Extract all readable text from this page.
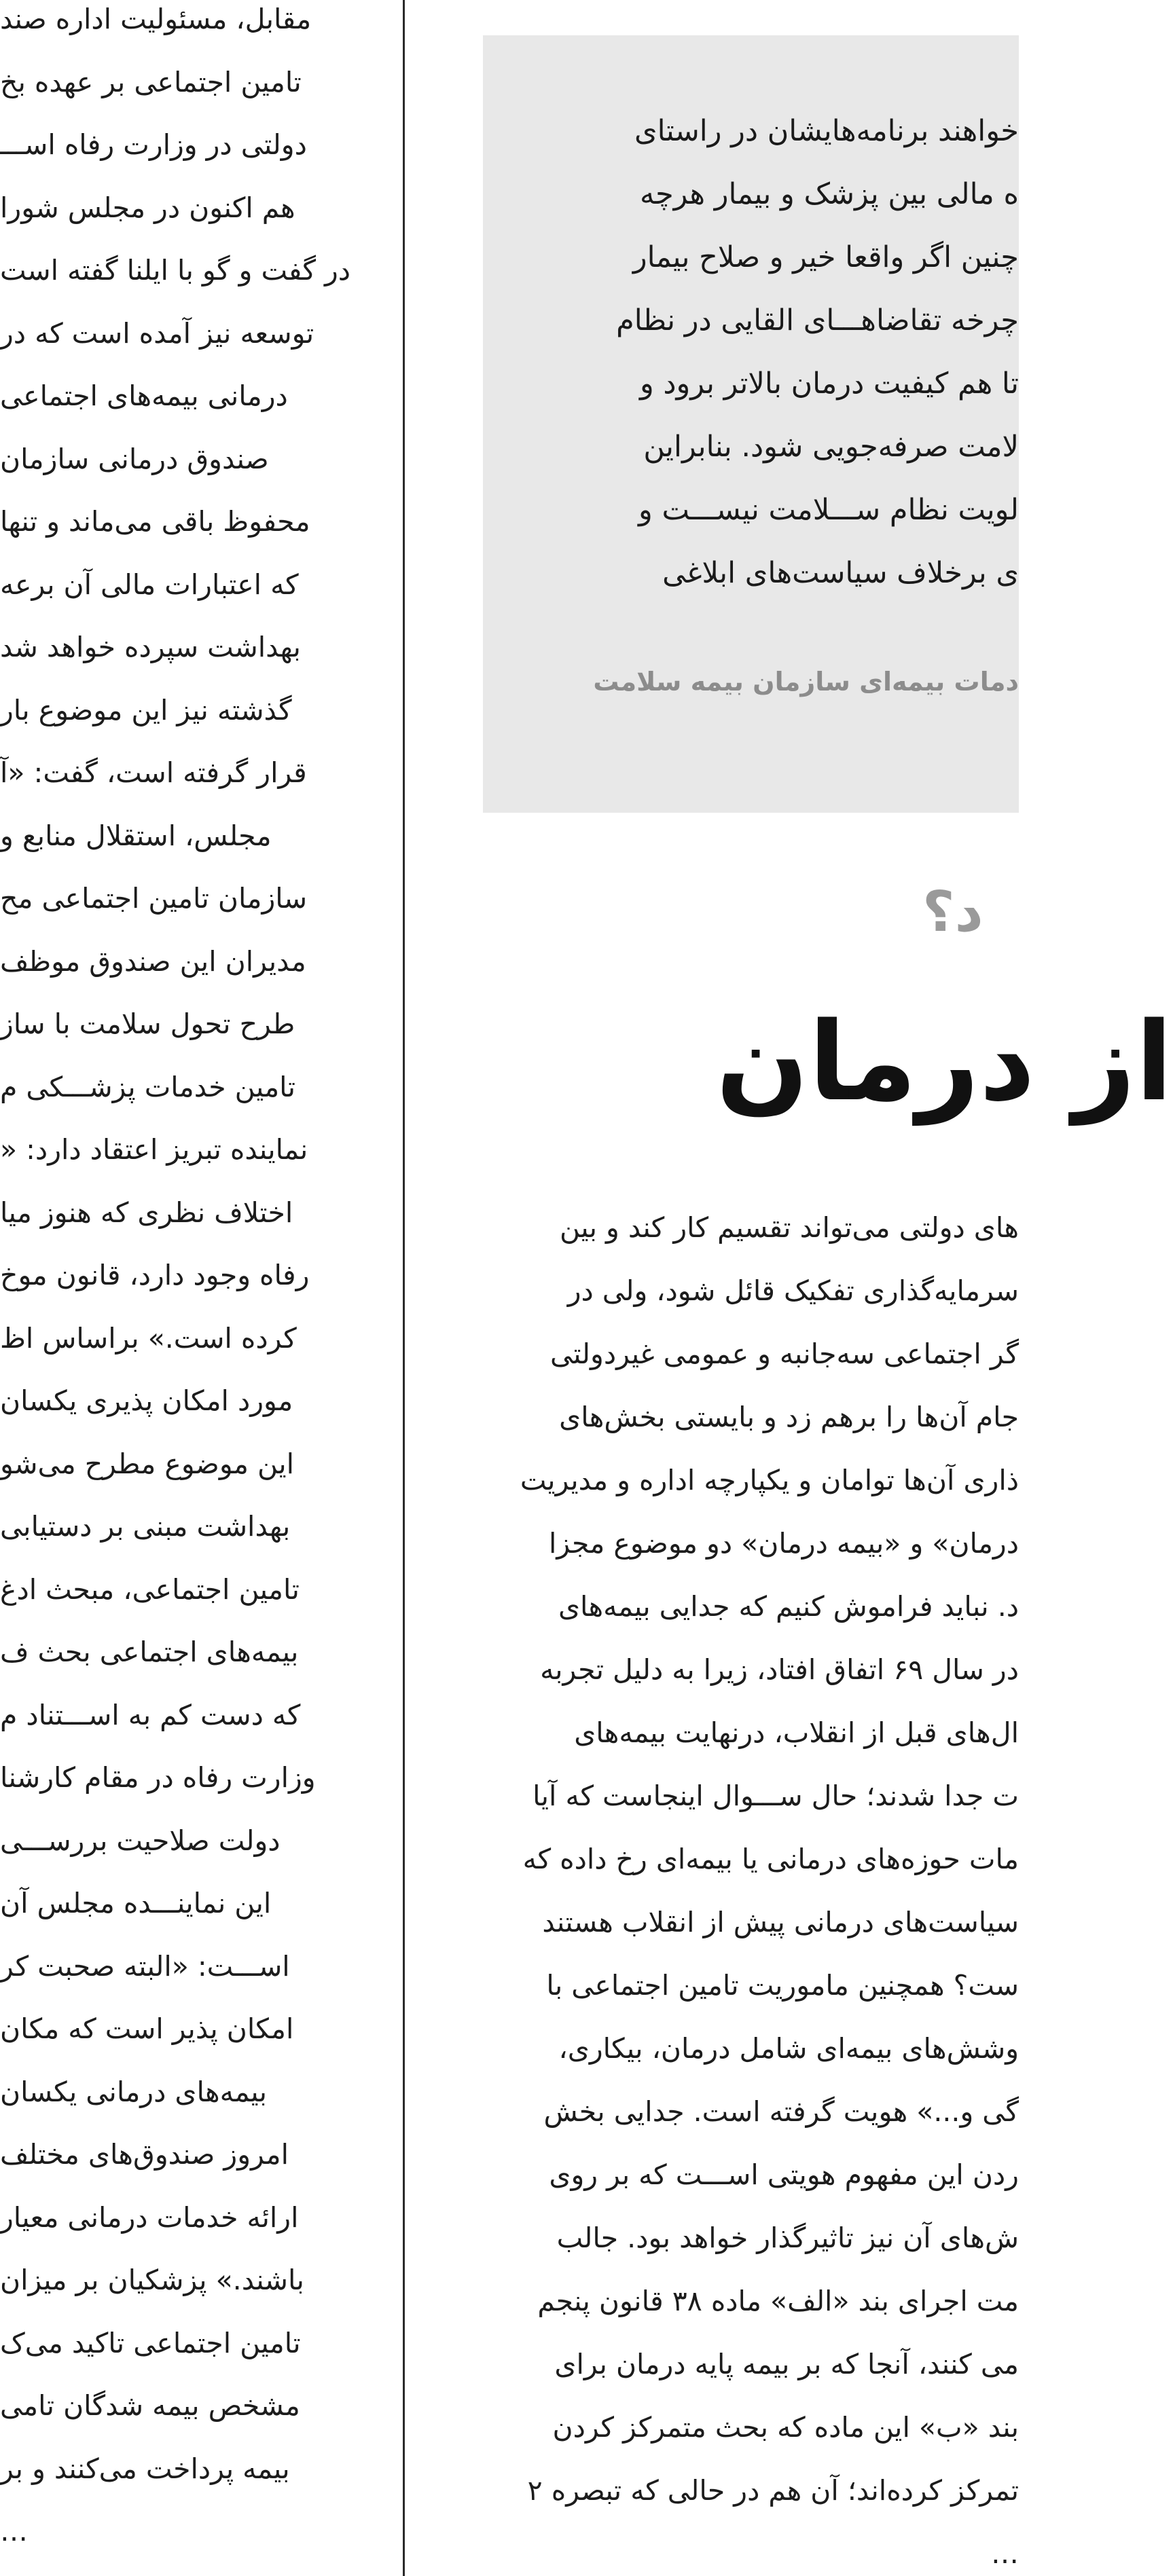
مقابل، مسئولیت اداره صند
تامین اجتماعی بر عهده بخ
دولتی در وزارت رفاه اســـ
هم اکنون در مجلس شورا
در گفت و گو با ایلنا گفته است
توسعه نیز آمده است که در
درمانی بیمه‌های اجتماعی
صندوق درمانی سازمان
محفوظ باقی می‌ماند و تنها
که اعتبارات مالی آن برعه
بهداشت سپرده خواهد شد
گذشته نیز این موضوع بار
قرار گرفته است، گفت: «آ
مجلس، استقلال منابع و
سازمان تامین اجتماعی مح
مدیران این صندوق موظف
طرح تحول سلامت با ساز
تامین خدمات پزشـــکی م
نماینده تبریز اعتقاد دارد: «
اختلاف نظری که هنوز میا
رفاه وجود دارد، قانون موخ
کرده است.» براساس اظ
مورد امکان پذیری یکسان
این موضوع مطرح می‌شو
بهداشت مبنی بر دستیابی
تامین اجتماعی، مبحث ادغ
بیمه‌های اجتماعی بحث ف
که دست کم به اســـتناد م
وزارت رفاه در مقام کارشنا
دولت صلاحیت بررســـی
این نماینـــده مجلس آن
اســـت: «البته صحبت کر
امکان پذیر است که مکان
بیمه‌های درمانی یکسان
امروز صندوق‌های مختلف
ارائه خدمات درمانی معیار
باشند.» پزشکیان بر میزان
تامین اجتماعی تاکید می‌ک
مشخص بیمه شدگان تامی
بیمه پرداخت می‌کنند و بر
…
خواهند برنامه‌هایشان در راستای
ه مالی بین پزشک و بیمار هرچه
چنین اگر واقعا خیر و صلاح بیمار
چرخه تقاضاهـــای القایی در نظام
تا هم کیفیت درمان بالاتر برود و
لامت صرفه‌جویی شود. بنابراین
لویت نظام ســـلامت نیســـت و
ی برخلاف سیاست‌های ابلاغی
دمات بیمه‌ای سازمان بیمه سلامت
د؟
از درمان
های دولتی می‌تواند تقسیم کار کند و بین
سرمایه‌گذاری تفکیک قائل شود، ولی در
گر اجتماعی سه‌جانبه و عمومی غیردولتی
جام آن‌ها را برهم زد و بایستی بخش‌های
ذاری آن‌ها توامان و یکپارچه اداره و مدیریت
درمان» و «بیمه درمان» دو موضوع مجزا
د. نباید فراموش کنیم که جدایی بیمه‌های
در سال ۶۹ اتفاق افتاد، زیرا به دلیل تجربه
ال‌های قبل از انقلاب، درنهایت بیمه‌های
ت جدا شدند؛ حال ســـوال اینجاست که آیا
مات حوزه‌های درمانی یا بیمه‌ای رخ داده که
سیاست‌های درمانی پیش از انقلاب هستند
ست؟ همچنین ماموریت تامین اجتماعی با
وشش‌های بیمه‌ای شامل درمان، بیکاری،
گی و...» هویت گرفته است. جدایی بخش
ردن این مفهوم هویتی اســـت که بر روی
ش‌های آن نیز تاثیرگذار خواهد بود. جالب
مت اجرای بند «الف» ماده ۳۸ قانون پنجم
می کنند، آنجا که بر بیمه پایه درمان برای
بند «ب» این ماده که بحث متمرکز کردن
تمرکز کرده‌اند؛ آن هم در حالی که تبصره ۲
…
